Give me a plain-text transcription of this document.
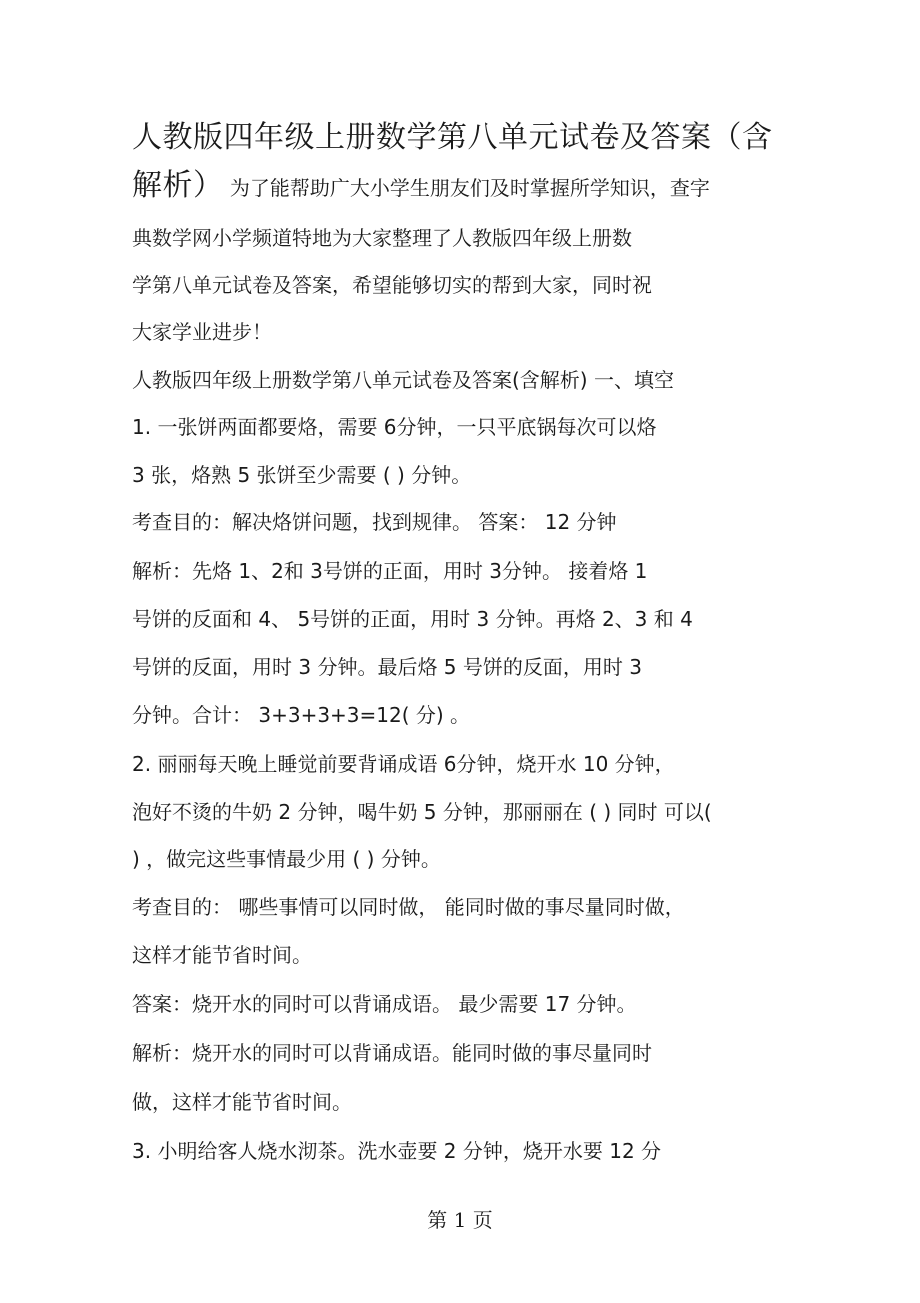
人教版四年级上册数学第八单元试卷及答案（含
解析） 为了能帮助广大小学生朋友们及时掌握所学知识，查字
典数学网小学频道特地为大家整理了人教版四年级上册数
学第八单元试卷及答案，希望能够切实的帮到大家，同时祝
大家学业进步！
人教版四年级上册数学第八单元试卷及答案(含解析) 一、填空
1. 一张饼两面都要烙，需要 6分钟，一只平底锅每次可以烙
3 张，烙熟 5 张饼至少需要 ( ) 分钟。
考查目的：解决烙饼问题，找到规律。 答案： 12 分钟
解析：先烙 1、2和 3号饼的正面，用时 3分钟。 接着烙 1
号饼的反面和 4、 5号饼的正面，用时 3 分钟。再烙 2、3 和 4
号饼的反面，用时 3 分钟。最后烙 5 号饼的反面，用时 3
分钟。合计： 3+3+3+3=12( 分) 。
2. 丽丽每天晚上睡觉前要背诵成语 6分钟，烧开水 10 分钟，
泡好不烫的牛奶 2 分钟，喝牛奶 5 分钟，那丽丽在 ( ) 同时 可以(
) ，做完这些事情最少用 ( ) 分钟。
考查目的： 哪些事情可以同时做， 能同时做的事尽量同时做，
这样才能节省时间。
答案：烧开水的同时可以背诵成语。 最少需要 17 分钟。
解析：烧开水的同时可以背诵成语。能同时做的事尽量同时
做，这样才能节省时间。
3. 小明给客人烧水沏茶。洗水壶要 2 分钟，烧开水要 12 分
第 1 页
